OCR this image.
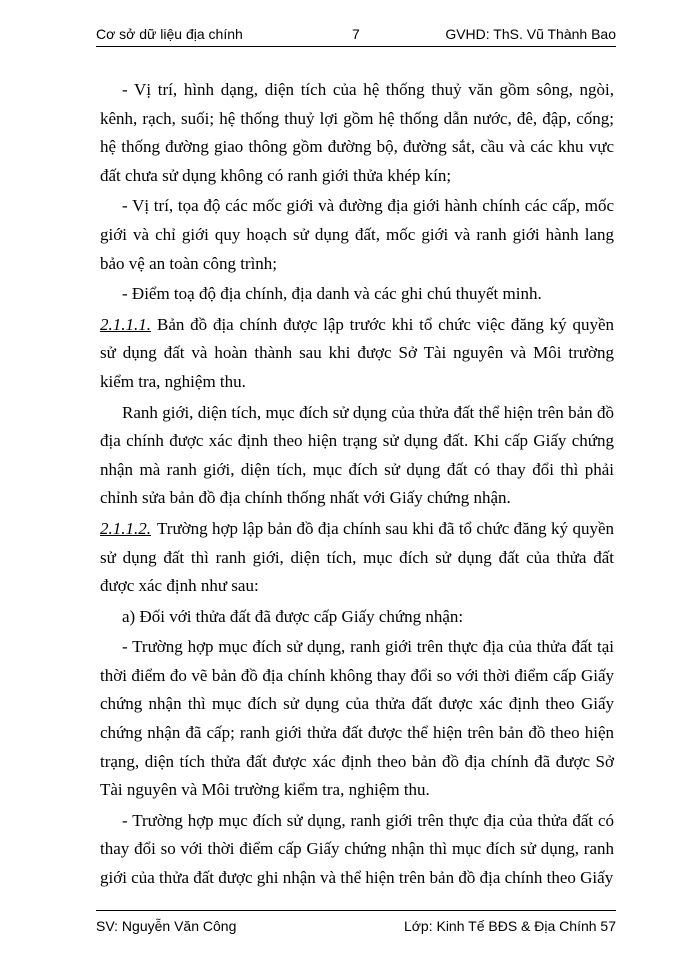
Cơ sở dữ liệu địa chính	7	GVHD: ThS. Vũ Thành Bao

- Vị trí, hình dạng, diện tích của hệ thống thuỷ văn gồm sông, ngòi, kênh, rạch, suối; hệ thống thuỷ lợi gồm hệ thống dẫn nước, đê, đập, cống; hệ thống đường giao thông gồm đường bộ, đường sắt, cầu và các khu vực đất chưa sử dụng không có ranh giới thửa khép kín;

- Vị trí, tọa độ các mốc giới và đường địa giới hành chính các cấp, mốc giới và chỉ giới quy hoạch sử dụng đất, mốc giới và ranh giới hành lang bảo vệ an toàn công trình;

- Điểm toạ độ địa chính, địa danh và các ghi chú thuyết minh.

2.1.1.1. Bản đồ địa chính được lập trước khi tổ chức việc đăng ký quyền sử dụng đất và hoàn thành sau khi được Sở Tài nguyên và Môi trường kiểm tra, nghiệm thu.

Ranh giới, diện tích, mục đích sử dụng của thửa đất thể hiện trên bản đồ địa chính được xác định theo hiện trạng sử dụng đất. Khi cấp Giấy chứng nhận mà ranh giới, diện tích, mục đích sử dụng đất có thay đổi thì phải chỉnh sửa bản đồ địa chính thống nhất với Giấy chứng nhận.

2.1.1.2. Trường hợp lập bản đồ địa chính sau khi đã tổ chức đăng ký quyền sử dụng đất thì ranh giới, diện tích, mục đích sử dụng đất của thửa đất được xác định như sau:

a) Đối với thửa đất đã được cấp Giấy chứng nhận:

- Trường hợp mục đích sử dụng, ranh giới trên thực địa của thửa đất tại thời điểm đo vẽ bản đồ địa chính không thay đổi so với thời điểm cấp Giấy chứng nhận thì mục đích sử dụng của thửa đất được xác định theo Giấy chứng nhận đã cấp; ranh giới thửa đất được thể hiện trên bản đồ theo hiện trạng, diện tích thửa đất được xác định theo bản đồ địa chính đã được Sở Tài nguyên và Môi trường kiểm tra, nghiệm thu.

- Trường hợp mục đích sử dụng, ranh giới trên thực địa của thửa đất có thay đổi so với thời điểm cấp Giấy chứng nhận thì mục đích sử dụng, ranh giới của thửa đất được ghi nhận và thể hiện trên bản đồ địa chính theo Giấy

SV: Nguyễn Văn Công	Lớp: Kinh Tế BĐS & Địa Chính 57
